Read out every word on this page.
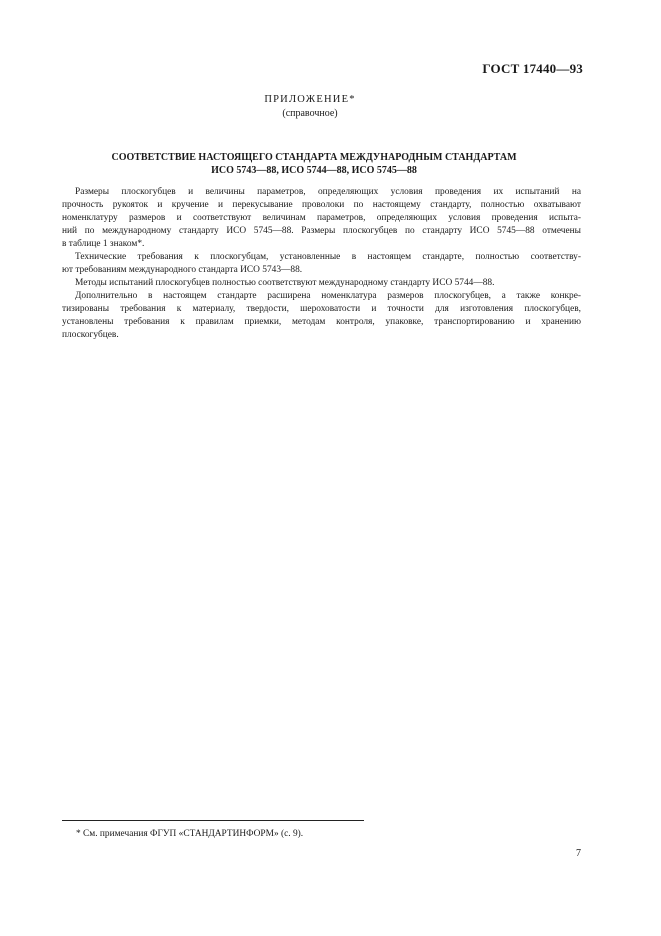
ГОСТ 17440—93
ПРИЛОЖЕНИЕ*
(справочное)
СООТВЕТСТВИЕ НАСТОЯЩЕГО СТАНДАРТА МЕЖДУНАРОДНЫМ СТАНДАРТАМ
ИСО 5743—88, ИСО 5744—88, ИСО 5745—88
Размеры плоскогубцев и величины параметров, определяющих условия проведения их испытаний на
прочность рукояток и кручение и перекусывание проволоки по настоящему стандарту, полностью охватывают
номенклатуру размеров и соответствуют величинам параметров, определяющих условия проведения испыта-
ний по международному стандарту ИСО 5745—88. Размеры плоскогубцев по стандарту ИСО 5745—88 отмечены
в таблице 1 знаком*.
Технические требования к плоскогубцам, установленные в настоящем стандарте, полностью соответству-
ют требованиям международного стандарта ИСО 5743—88.
Методы испытаний плоскогубцев полностью соответствуют международному стандарту ИСО 5744—88.
Дополнительно в настоящем стандарте расширена номенклатура размеров плоскогубцев, а также конкре-
тизированы требования к материалу, твердости, шероховатости и точности для изготовления плоскогубцев,
установлены требования к правилам приемки, методам контроля, упаковке, транспортированию и хранению
плоскогубцев.
* См. примечания ФГУП «СТАНДАРТИНФОРМ» (с. 9).
7
